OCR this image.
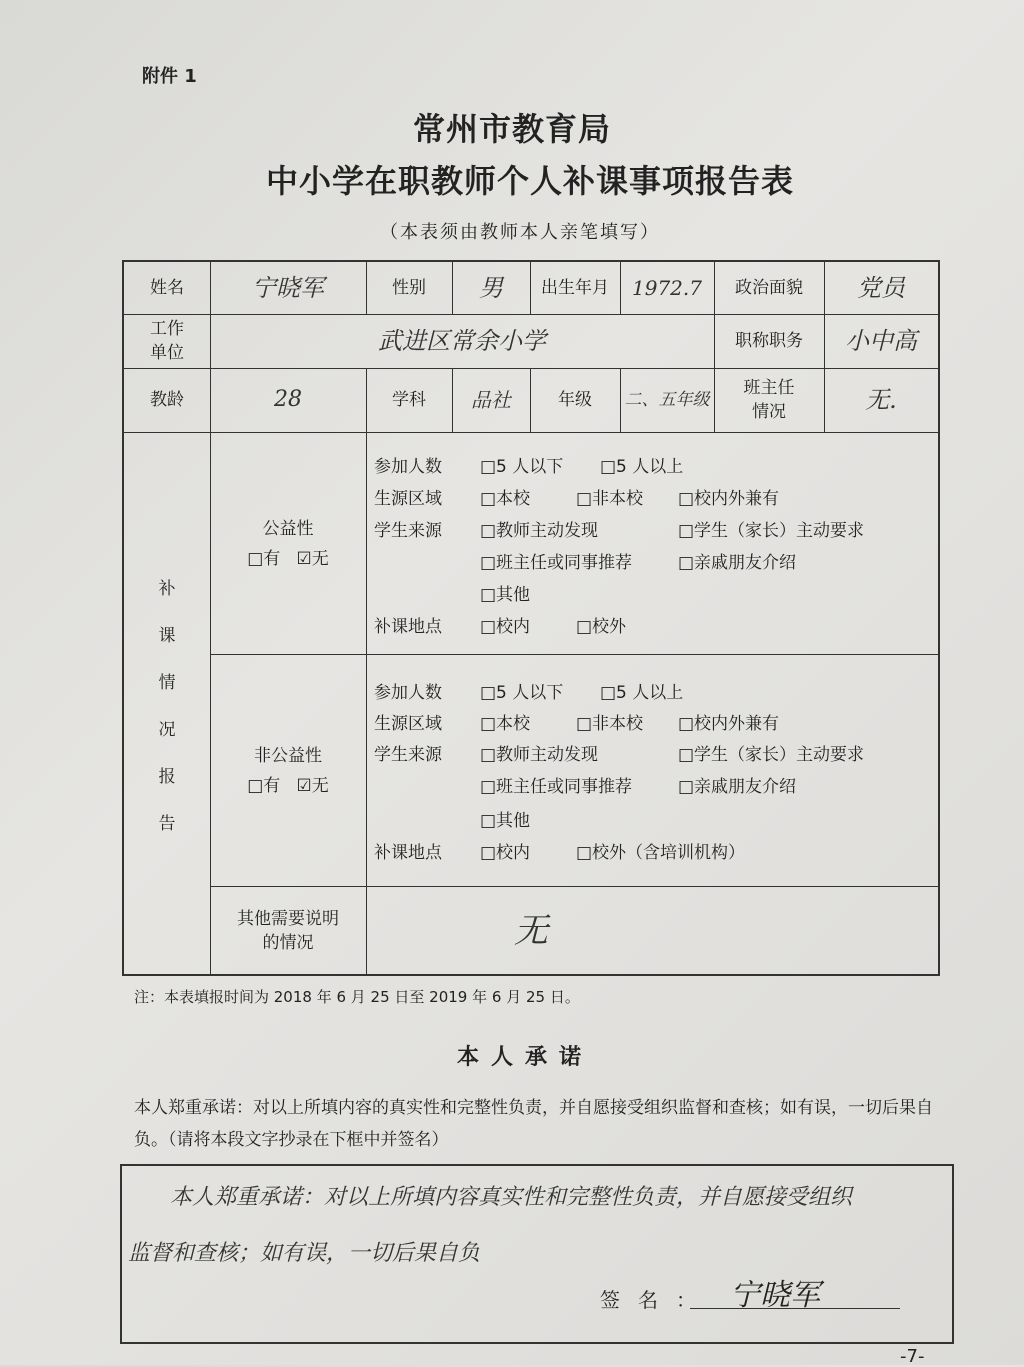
附件 1
常州市教育局
中小学在职教师个人补课事项报告表
（本表须由教师本人亲笔填写）
姓名	宁晓军	性别	男	出生年月	1972.7	政治面貌	党员
工作
单位	武进区常余小学	职称职务	小中高
教龄	28	学科	品社	年级	二、五年级
班主任
情况	无.
补
课
情
况
报
告
公益性
□有 ☑无
参加人数 □5 人以下 □5 人以上
生源区域 □本校	□非本校 □校内外兼有
学生来源 □教师主动发现	□学生（家长）主动要求
□班主任或同事推荐	□亲戚朋友介绍
□其他
补课地点 □校内	□校外
非公益性
□有 ☑无
参加人数 □5 人以下 □5 人以上
生源区域 □本校	□非本校 □校内外兼有
学生来源 □教师主动发现	□学生（家长）主动要求
□班主任或同事推荐	□亲戚朋友介绍
□其他
补课地点 □校内	□校外（含培训机构）
其他需要说明
的情况	无
注：本表填报时间为 2018 年 6 月 25 日至 2019 年 6 月 25 日。
本人承诺
本人郑重承诺：对以上所填内容的真实性和完整性负责，并自愿接受组织监督和查核；如有误，一切后果自负。（请将本段文字抄录在下框中并签名）
本人郑重承诺：对以上所填内容真实性和完整性负责，并自愿接受组织
监督和查核；如有误，一切后果自负
签名： 宁晓军
-7-
